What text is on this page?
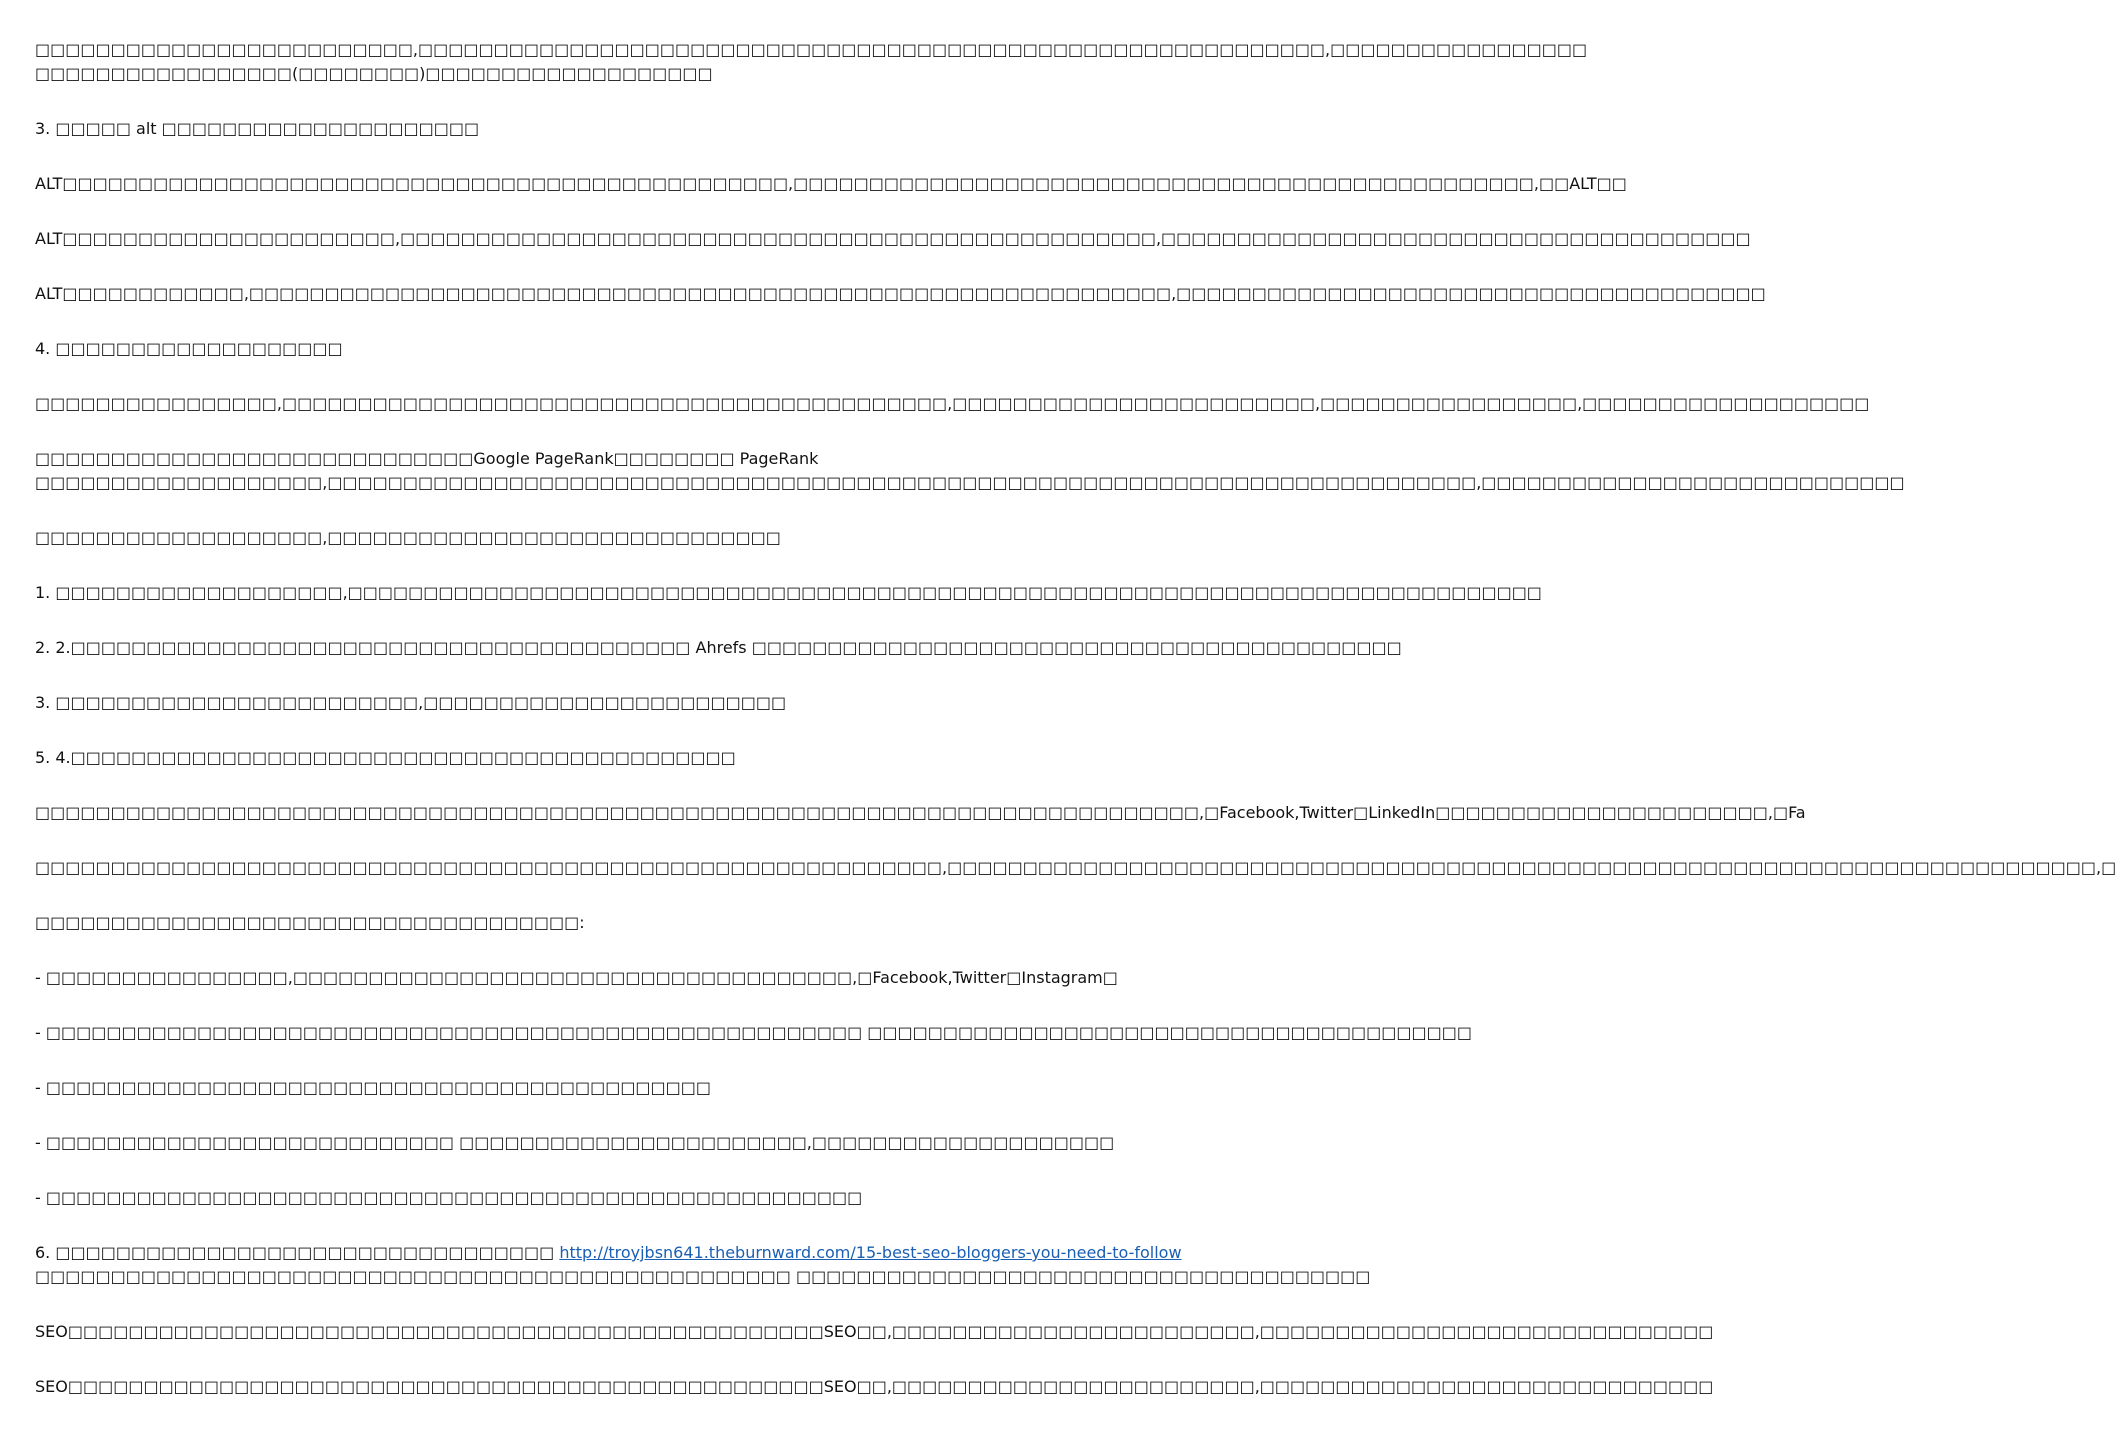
□□□□□□□□□□□□□□□□□□□□□□□□□,□□□□□□□□□□□□□□□□□□□□□□□□□□□□□□□□□□□□□□□□□□□□□□□□□□□□□□□□□□□□,□□□□□□□□□□□□□□□□□
□□□□□□□□□□□□□□□□□(□□□□□□□□)□□□□□□□□□□□□□□□□□□□

3. □□□□□ alt □□□□□□□□□□□□□□□□□□□□□

ALT□□□□□□□□□□□□□□□□□□□□□□□□□□□□□□□□□□□□□□□□□□□□□□□□,□□□□□□□□□□□□□□□□□□□□□□□□□□□□□□□□□□□□□□□□□□□□□□□□□,□□ALT□□

ALT□□□□□□□□□□□□□□□□□□□□□□,□□□□□□□□□□□□□□□□□□□□□□□□□□□□□□□□□□□□□□□□□□□□□□□□□□,□□□□□□□□□□□□□□□□□□□□□□□□□□□□□□□□□□□□□□□

ALT□□□□□□□□□□□□,□□□□□□□□□□□□□□□□□□□□□□□□□□□□□□□□□□□□□□□□□□□□□□□□□□□□□□□□□□□□□,□□□□□□□□□□□□□□□□□□□□□□□□□□□□□□□□□□□□□□□

4. □□□□□□□□□□□□□□□□□□□

□□□□□□□□□□□□□□□□,□□□□□□□□□□□□□□□□□□□□□□□□□□□□□□□□□□□□□□□□□□□□,□□□□□□□□□□□□□□□□□□□□□□□□,□□□□□□□□□□□□□□□□□,□□□□□□□□□□□□□□□□□□□

□□□□□□□□□□□□□□□□□□□□□□□□□□□□□Google PageRank□□□□□□□□ PageRank
□□□□□□□□□□□□□□□□□□□,□□□□□□□□□□□□□□□□□□□□□□□□□□□□□□□□□□□□□□□□□□□□□□□□□□□□□□□□□□□□□□□□□□□□□□□□□□□□,□□□□□□□□□□□□□□□□□□□□□□□□□□□□

□□□□□□□□□□□□□□□□□□□,□□□□□□□□□□□□□□□□□□□□□□□□□□□□□□

1. □□□□□□□□□□□□□□□□□□□,□□□□□□□□□□□□□□□□□□□□□□□□□□□□□□□□□□□□□□□□□□□□□□□□□□□□□□□□□□□□□□□□□□□□□□□□□□□□□□□

2. 2.□□□□□□□□□□□□□□□□□□□□□□□□□□□□□□□□□□□□□□□□□ Ahrefs □□□□□□□□□□□□□□□□□□□□□□□□□□□□□□□□□□□□□□□□□□□

3. □□□□□□□□□□□□□□□□□□□□□□□□,□□□□□□□□□□□□□□□□□□□□□□□□

5. 4.□□□□□□□□□□□□□□□□□□□□□□□□□□□□□□□□□□□□□□□□□□□□

□□□□□□□□□□□□□□□□□□□□□□□□□□□□□□□□□□□□□□□□□□□□□□□□□□□□□□□□□□□□□□□□□□□□□□□□□□□□□,□Facebook,Twitter□LinkedIn□□□□□□□□□□□□□□□□□□□□□□,□Fa

□□□□□□□□□□□□□□□□□□□□□□□□□□□□□□□□□□□□□□□□□□□□□□□□□□□□□□□□□□□□,□□□□□□□□□□□□□□□□□□□□□□□□□□□□□□□□□□□□□□□□□□□□□□□□□□□□□□□□□□□□□□□□□□□□□□□□□□□□,□

□□□□□□□□□□□□□□□□□□□□□□□□□□□□□□□□□□□□:

- □□□□□□□□□□□□□□□□,□□□□□□□□□□□□□□□□□□□□□□□□□□□□□□□□□□□□□,□Facebook,Twitter□Instagram□

- □□□□□□□□□□□□□□□□□□□□□□□□□□□□□□□□□□□□□□□□□□□□□□□□□□□□□□ □□□□□□□□□□□□□□□□□□□□□□□□□□□□□□□□□□□□□□□□

- □□□□□□□□□□□□□□□□□□□□□□□□□□□□□□□□□□□□□□□□□□□□

- □□□□□□□□□□□□□□□□□□□□□□□□□□□ □□□□□□□□□□□□□□□□□□□□□□□,□□□□□□□□□□□□□□□□□□□□

- □□□□□□□□□□□□□□□□□□□□□□□□□□□□□□□□□□□□□□□□□□□□□□□□□□□□□□

6. □□□□□□□□□□□□□□□□□□□□□□□□□□□□□□□□□ http://troyjbsn641.theburnward.com/15-best-seo-bloggers-you-need-to-follow
□□□□□□□□□□□□□□□□□□□□□□□□□□□□□□□□□□□□□□□□□□□□□□□□□□ □□□□□□□□□□□□□□□□□□□□□□□□□□□□□□□□□□□□□□

SEO□□□□□□□□□□□□□□□□□□□□□□□□□□□□□□□□□□□□□□□□□□□□□□□□□□SEO□□,□□□□□□□□□□□□□□□□□□□□□□□□,□□□□□□□□□□□□□□□□□□□□□□□□□□□□□□

SEO□□□□□□□□□□□□□□□□□□□□□□□□□□□□□□□□□□□□□□□□□□□□□□□□□□SEO□□,□□□□□□□□□□□□□□□□□□□□□□□□,□□□□□□□□□□□□□□□□□□□□□□□□□□□□□□
